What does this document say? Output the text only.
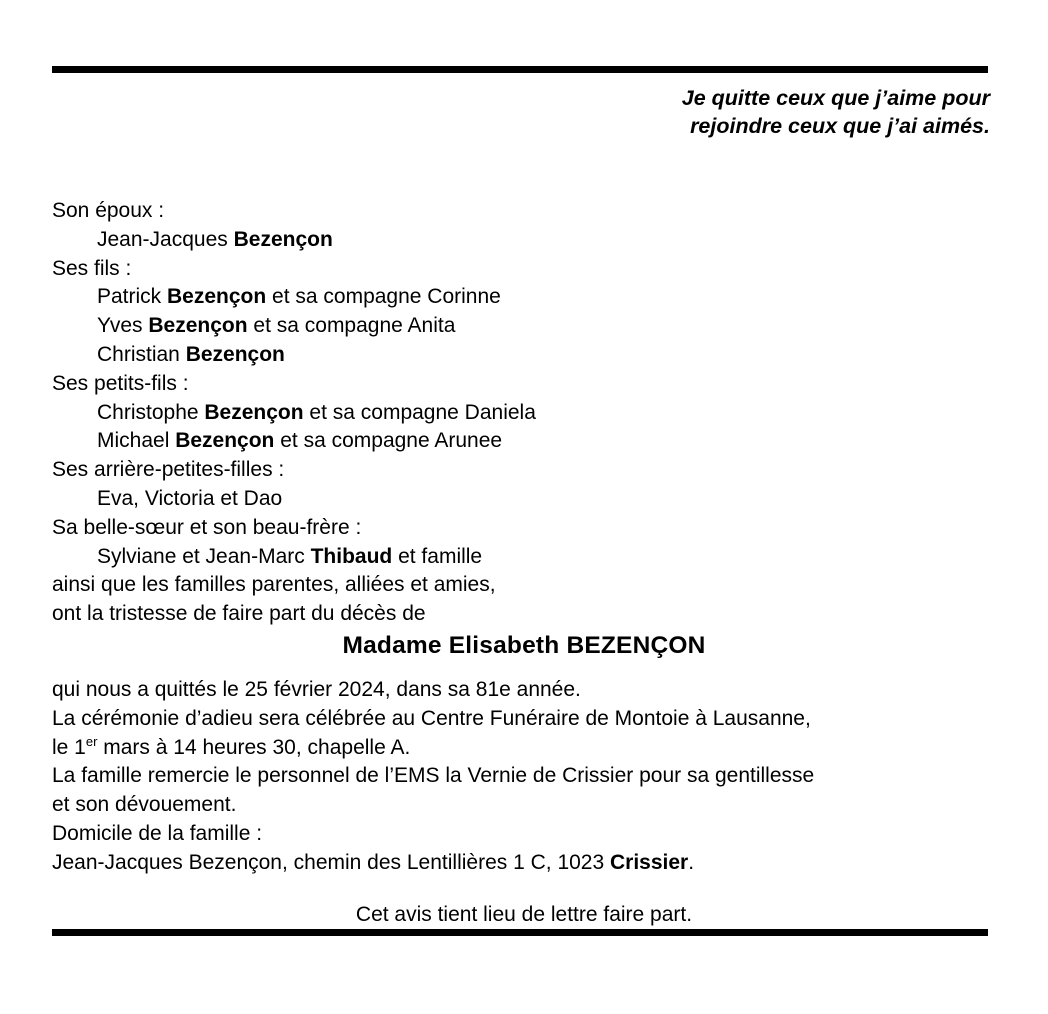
Je quitte ceux que j’aime pour
rejoindre ceux que j’ai aimés.
Son époux :
Jean-Jacques Bezençon
Ses fils :
Patrick Bezençon et sa compagne Corinne
Yves Bezençon et sa compagne Anita
Christian Bezençon
Ses petits-fils :
Christophe Bezençon et sa compagne Daniela
Michael Bezençon et sa compagne Arunee
Ses arrière-petites-filles :
Eva, Victoria et Dao
Sa belle-sœur et son beau-frère :
Sylviane et Jean-Marc Thibaud et famille
ainsi que les familles parentes, alliées et amies,
ont la tristesse de faire part du décès de
Madame Elisabeth BEZENÇON
qui nous a quittés le 25 février 2024, dans sa 81e année.
La cérémonie d’adieu sera célébrée au Centre Funéraire de Montoie à Lausanne,
le 1er mars à 14 heures 30, chapelle A.
La famille remercie le personnel de l’EMS la Vernie de Crissier pour sa gentillesse
et son dévouement.
Domicile de la famille :
Jean-Jacques Bezençon, chemin des Lentillières 1 C, 1023 Crissier.
Cet avis tient lieu de lettre faire part.
